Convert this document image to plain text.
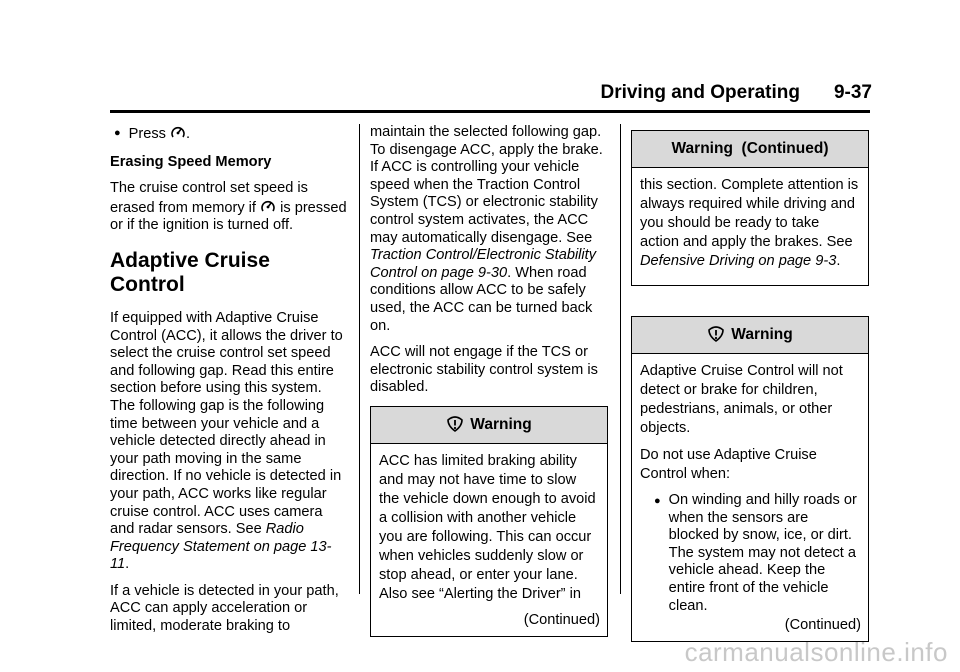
Driving and Operating 9-37
● Press .

Erasing Speed Memory

The cruise control set speed is erased from memory if is pressed or if the ignition is turned off.

Adaptive Cruise Control

If equipped with Adaptive Cruise Control (ACC), it allows the driver to select the cruise control set speed and following gap. Read this entire section before using this system. The following gap is the following time between your vehicle and a vehicle detected directly ahead in your path moving in the same direction. If no vehicle is detected in your path, ACC works like regular cruise control. ACC uses camera and radar sensors. See Radio Frequency Statement on page 13-11.

If a vehicle is detected in your path, ACC can apply acceleration or limited, moderate braking to

maintain the selected following gap. To disengage ACC, apply the brake. If ACC is controlling your vehicle speed when the Traction Control System (TCS) or electronic stability control system activates, the ACC may automatically disengage. See Traction Control/Electronic Stability Control on page 9-30. When road conditions allow ACC to be safely used, the ACC can be turned back on.

ACC will not engage if the TCS or electronic stability control system is disabled.

Warning

ACC has limited braking ability and may not have time to slow the vehicle down enough to avoid a collision with another vehicle you are following. This can occur when vehicles suddenly slow or stop ahead, or enter your lane. Also see “Alerting the Driver” in

(Continued)

Warning  (Continued)

this section. Complete attention is always required while driving and you should be ready to take action and apply the brakes. See Defensive Driving on page 9-3.

Warning

Adaptive Cruise Control will not detect or brake for children, pedestrians, animals, or other objects.

Do not use Adaptive Cruise Control when:

● On winding and hilly roads or when the sensors are blocked by snow, ice, or dirt. The system may not detect a vehicle ahead. Keep the entire front of the vehicle clean.

(Continued)

carmanualsonline.info
